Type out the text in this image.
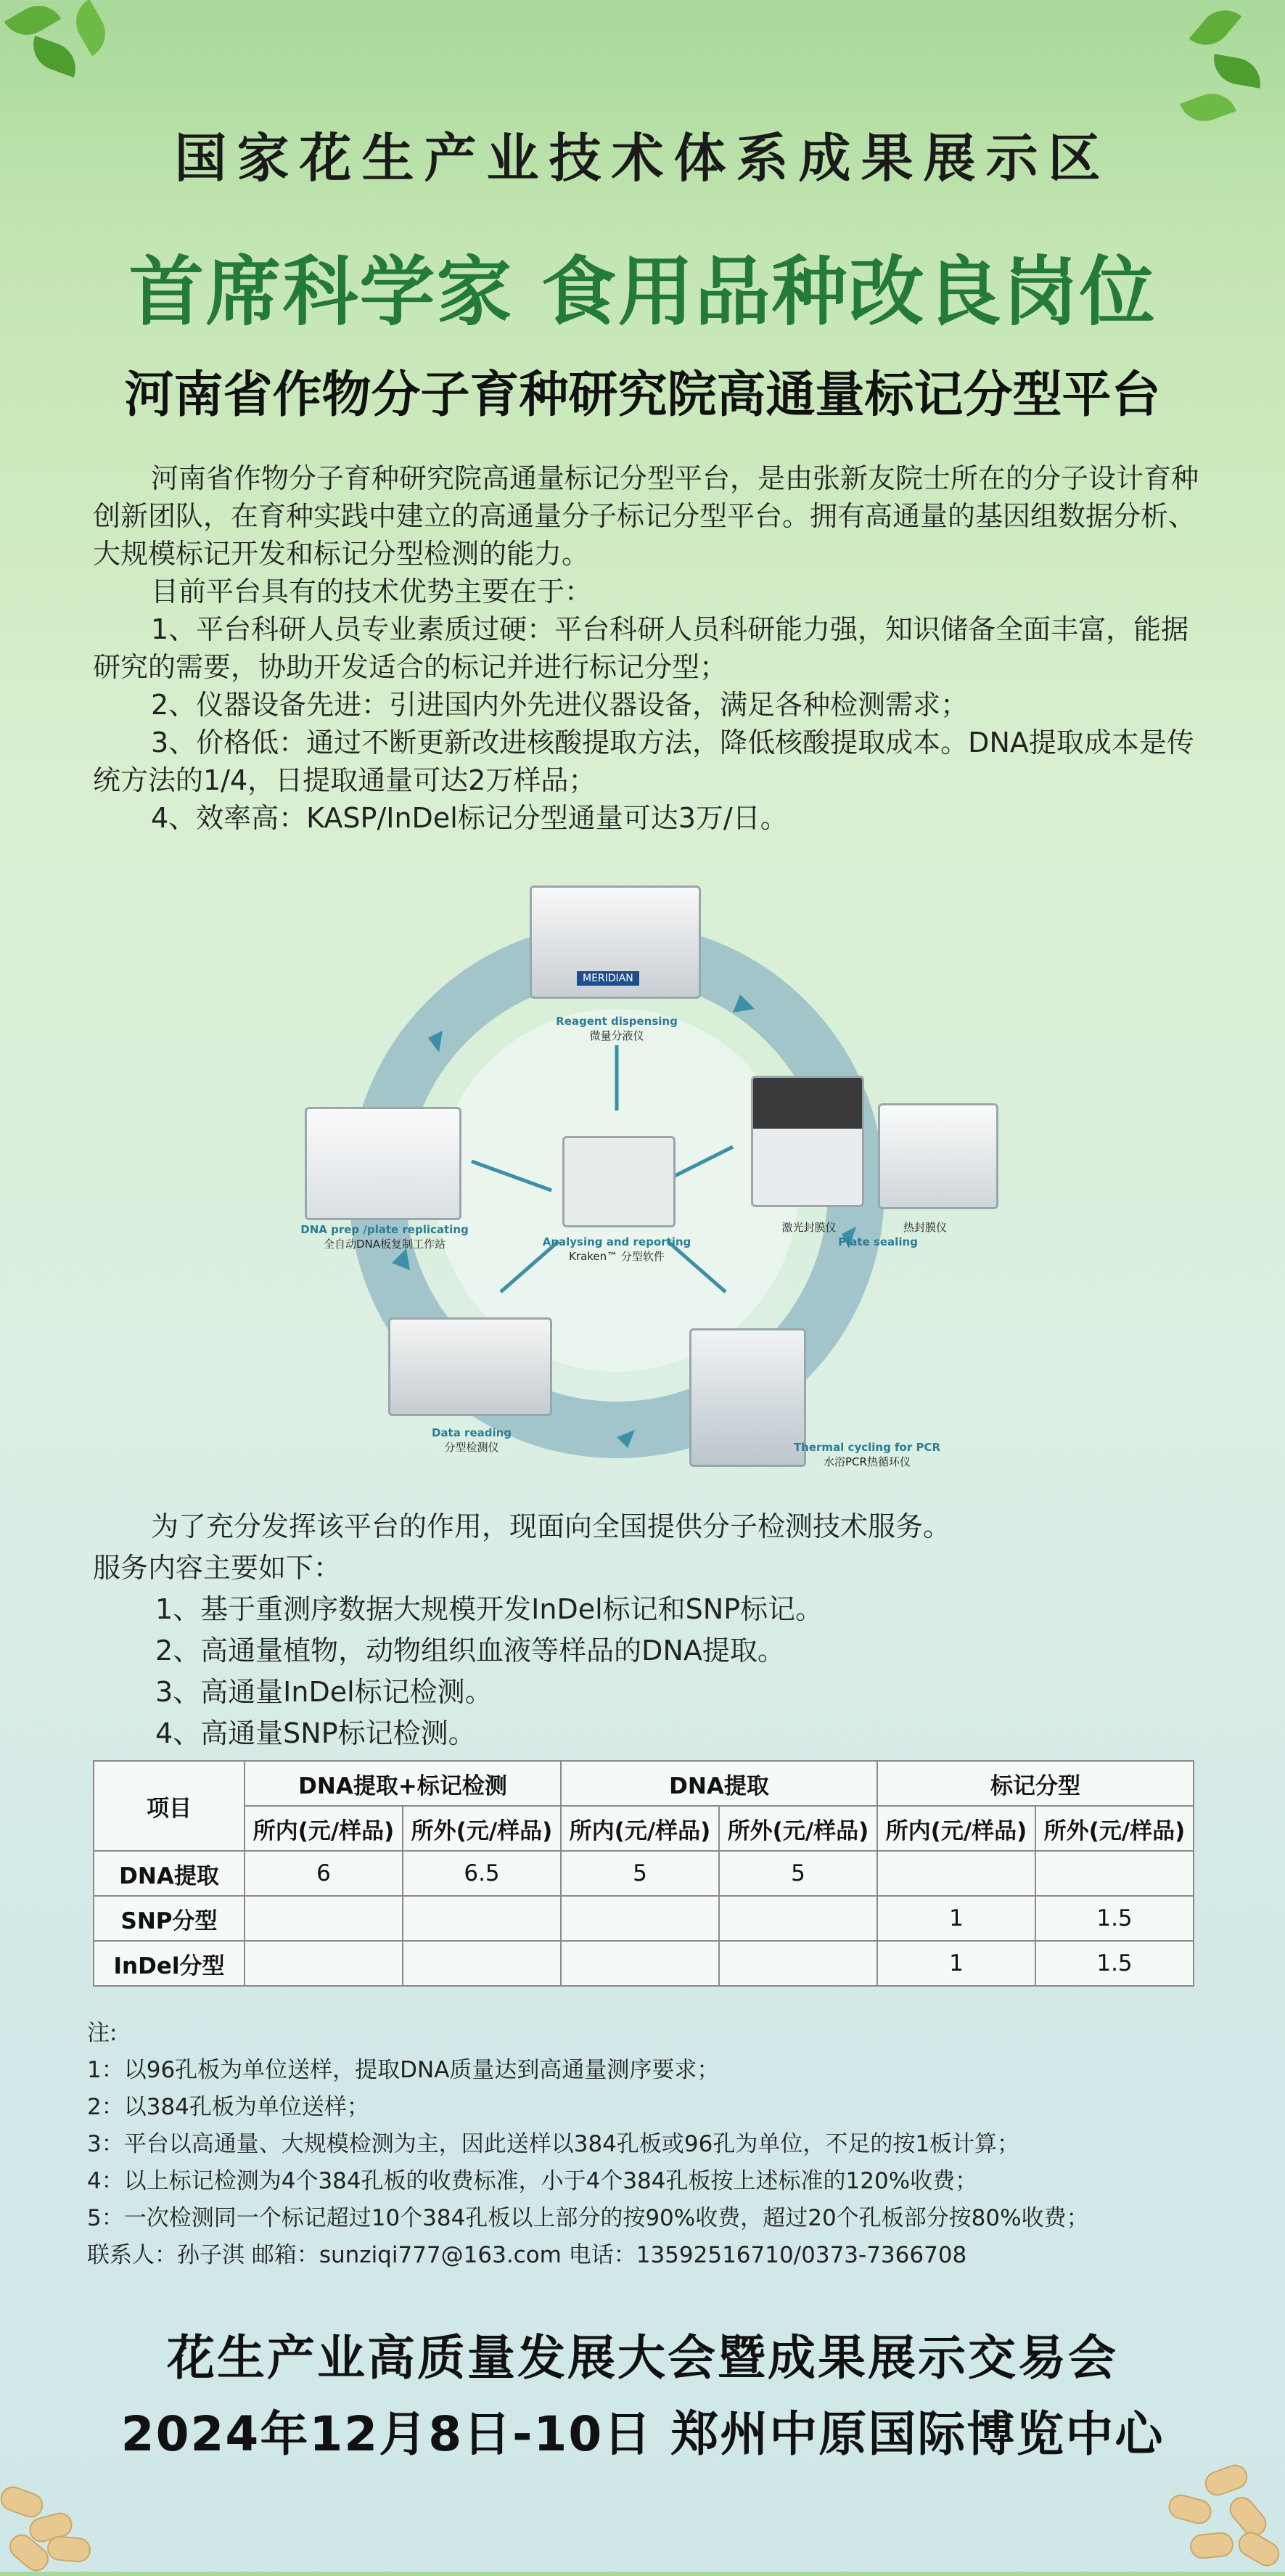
国家花生产业技术体系成果展示区
首席科学家 食用品种改良岗位
河南省作物分子育种研究院高通量标记分型平台

河南省作物分子育种研究院高通量标记分型平台，是由张新友院士所在的分子设计育种创新团队，在育种实践中建立的高通量分子标记分型平台。拥有高通量的基因组数据分析、大规模标记开发和标记分型检测的能力。

目前平台具有的技术优势主要在于：

1、平台科研人员专业素质过硬：平台科研人员科研能力强，知识储备全面丰富，能据研究的需要，协助开发适合的标记并进行标记分型；

2、仪器设备先进：引进国内外先进仪器设备，满足各种检测需求；

3、价格低：通过不断更新改进核酸提取方法，降低核酸提取成本。DNA提取成本是传统方法的1/4，日提取通量可达2万样品；

4、效率高：KASP/InDel标记分型通量可达3万/日。

MERIDIAN
Reagent dispensing
微量分液仪
DNA prep /plate replicating
全自动DNA板复制工作站	Analysing and reporting
Kraken™ 分型软件
激光封膜仪	热封膜仪
Plate sealing
Data reading
分型检测仪	Thermal cycling for PCR
水浴PCR热循环仪

为了充分发挥该平台的作用，现面向全国提供分子检测技术服务。

服务内容主要如下：

1、基于重测序数据大规模开发InDel标记和SNP标记。

2、高通量植物，动物组织血液等样品的DNA提取。

3、高通量InDel标记检测。

4、高通量SNP标记检测。

项目	DNA提取+标记检测		DNA提取		标记分型	
	所内(元/样品)	所外(元/样品)	所内(元/样品)	所外(元/样品)	所内(元/样品)	所外(元/样品)
DNA提取	6	6.5	5	5		
SNP分型					1	1.5
InDel分型					1	1.5

注:

1：以96孔板为单位送样，提取DNA质量达到高通量测序要求；

2：以384孔板为单位送样；

3：平台以高通量、大规模检测为主，因此送样以384孔板或96孔为单位，不足的按1板计算；

4：以上标记检测为4个384孔板的收费标准，小于4个384孔板按上述标准的120%收费；

5：一次检测同一个标记超过10个384孔板以上部分的按90%收费，超过20个孔板部分按80%收费；

联系人：孙子淇 邮箱：sunziqi777@163.com 电话：13592516710/0373-7366708

花生产业高质量发展大会暨成果展示交易会
2024年12月8日-10日 郑州中原国际博览中心
